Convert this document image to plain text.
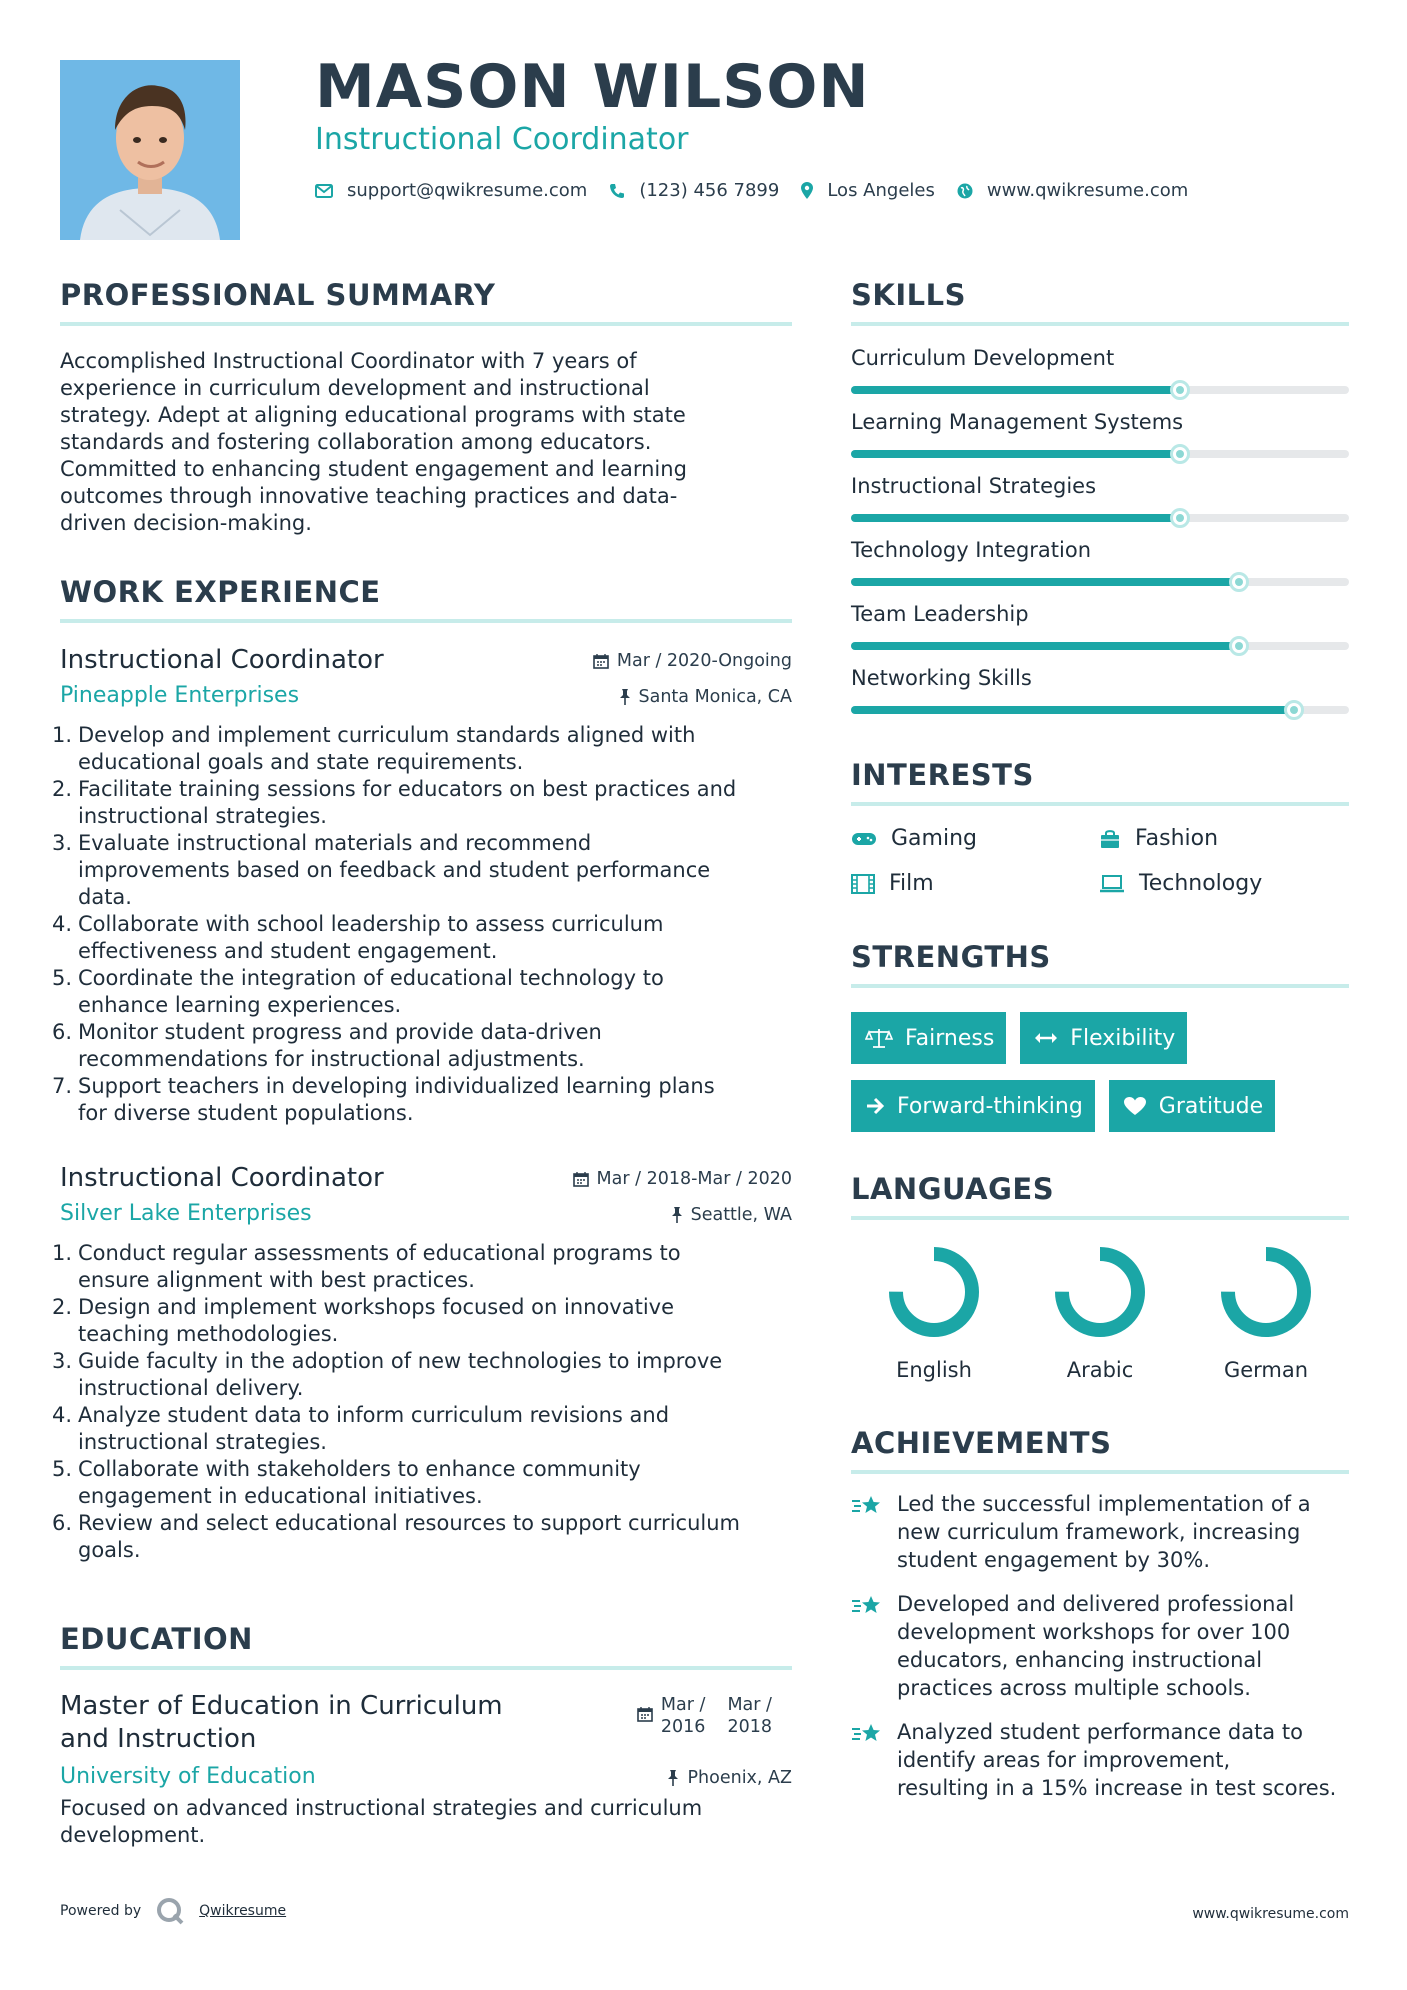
MASON WILSON
Instructional Coordinator
support@qwikresume.com	(123) 456 7899	Los Angeles	www.qwikresume.com
PROFESSIONAL SUMMARY
Accomplished Instructional Coordinator with 7 years of
experience in curriculum development and instructional
strategy. Adept at aligning educational programs with state
standards and fostering collaboration among educators.
Committed to enhancing student engagement and learning
outcomes through innovative teaching practices and data-
driven decision-making.
WORK EXPERIENCE
Instructional Coordinator	Mar / 2020-Ongoing
Pineapple Enterprises	Santa Monica, CA
1. Develop and implement curriculum standards aligned with
educational goals and state requirements.
2. Facilitate training sessions for educators on best practices and
instructional strategies.
3. Evaluate instructional materials and recommend
improvements based on feedback and student performance
data.
4. Collaborate with school leadership to assess curriculum
effectiveness and student engagement.
5. Coordinate the integration of educational technology to
enhance learning experiences.
6. Monitor student progress and provide data-driven
recommendations for instructional adjustments.
7. Support teachers in developing individualized learning plans
for diverse student populations.
Instructional Coordinator	Mar / 2018-Mar / 2020
Silver Lake Enterprises	Seattle, WA
1. Conduct regular assessments of educational programs to
ensure alignment with best practices.
2. Design and implement workshops focused on innovative
teaching methodologies.
3. Guide faculty in the adoption of new technologies to improve
instructional delivery.
4. Analyze student data to inform curriculum revisions and
instructional strategies.
5. Collaborate with stakeholders to enhance community
engagement in educational initiatives.
6. Review and select educational resources to support curriculum
goals.
EDUCATION
Master of Education in Curriculum
and Instruction
Mar /
2016
Mar /
2018
University of Education	Phoenix, AZ
Focused on advanced instructional strategies and curriculum
development.
SKILLS
Curriculum Development
Learning Management Systems
Instructional Strategies
Technology Integration
Team Leadership
Networking Skills
INTERESTS
Gaming	Fashion
Film	Technology
STRENGTHS
Fairness	Flexibility
Forward-thinking	Gratitude
LANGUAGES
English	Arabic	German
ACHIEVEMENTS
Led the successful implementation of a
new curriculum framework, increasing
student engagement by 30%.
Developed and delivered professional
development workshops for over 100
educators, enhancing instructional
practices across multiple schools.
Analyzed student performance data to
identify areas for improvement,
resulting in a 15% increase in test scores.
Powered by	Qwikresume	www.qwikresume.com
